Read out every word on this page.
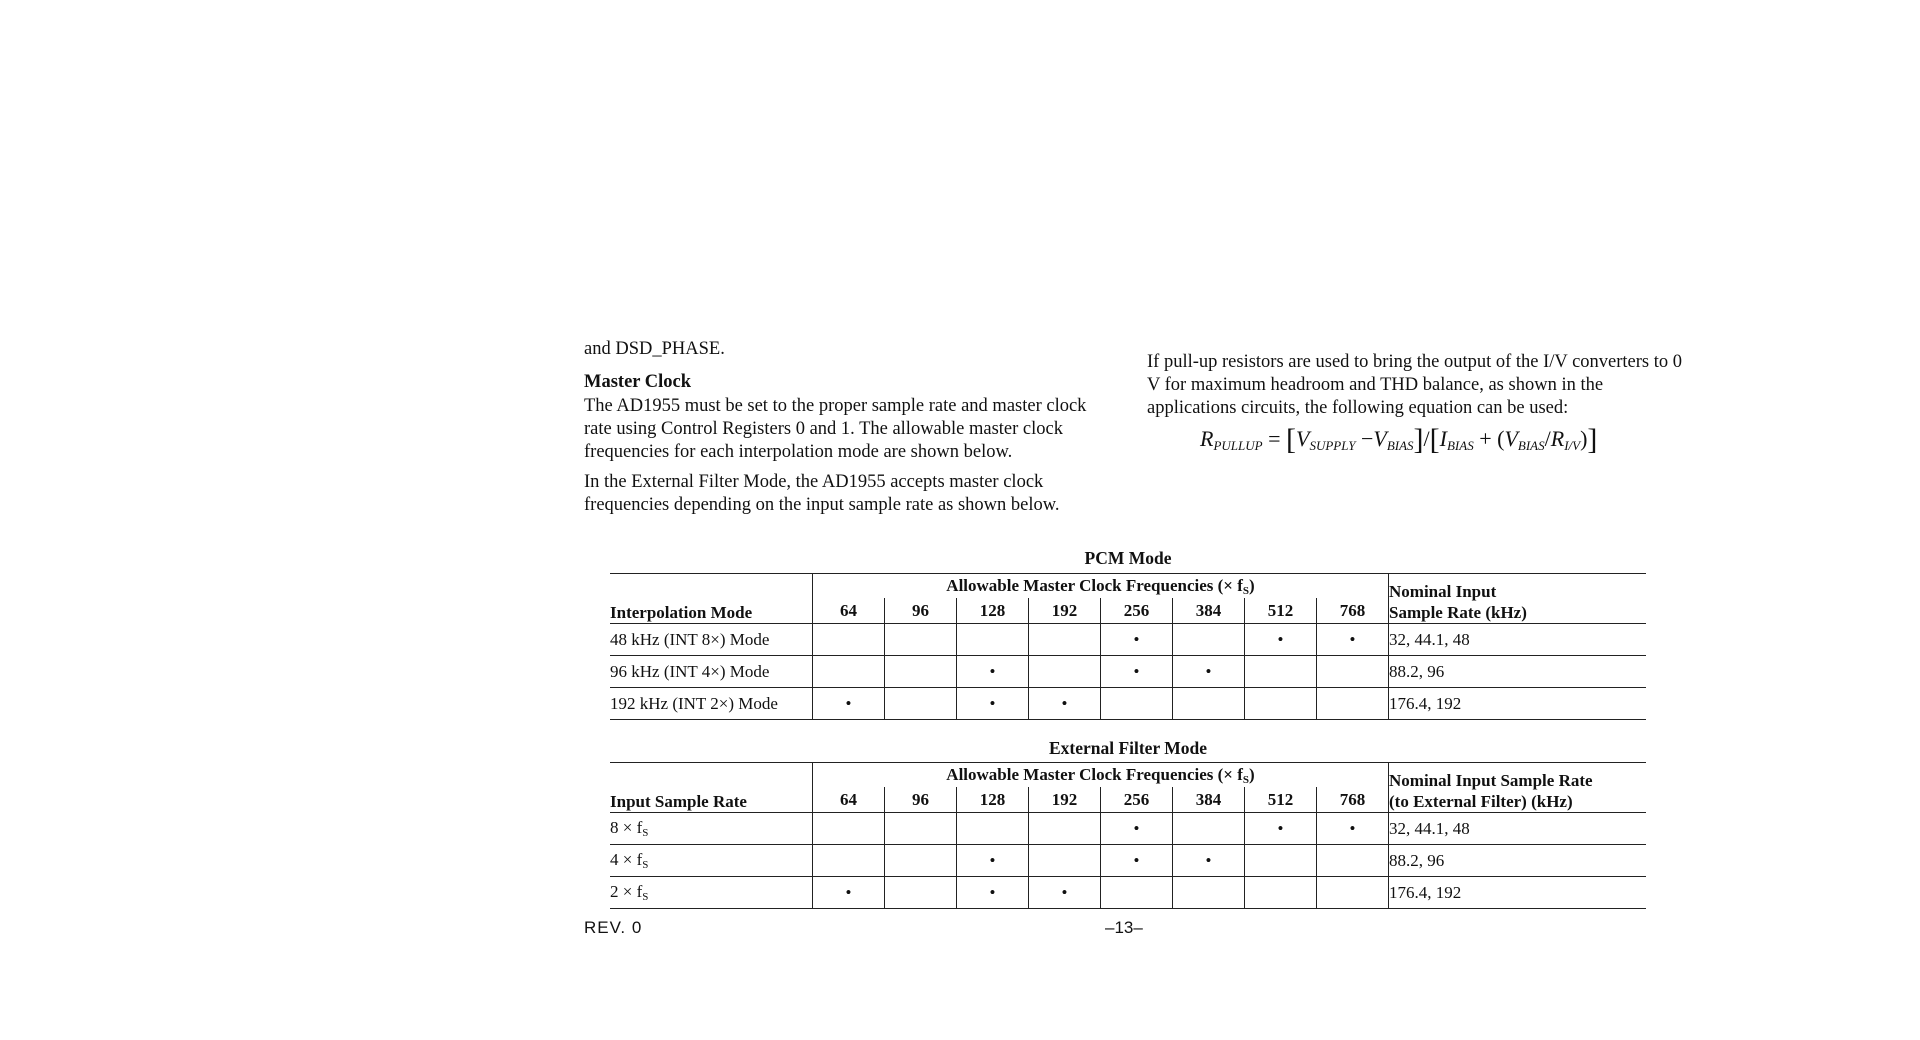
and DSD_PHASE.
Master Clock
The AD1955 must be set to the proper sample rate and master clock rate using Control Registers 0 and 1. The allowable master clock frequencies for each interpolation mode are shown below.
In the External Filter Mode, the AD1955 accepts master clock frequencies depending on the input sample rate as shown below.
If pull-up resistors are used to bring the output of the I/V converters to 0 V for maximum headroom and THD balance, as shown in the applications circuits, the following equation can be used:
$R_{PULLUP} = [V_{SUPPLY} -V_{BIAS}]/[I_{BIAS} + (V_{BIAS}/R_{I/V})]$
PCM Mode
Interpolation Mode	Allowable Master Clock Frequencies (× fS)								Nominal Input
Sample Rate (kHz)
	64	96	128	192	256	384	512	768	
48 kHz (INT 8×) Mode					•		•	•	32, 44.1, 48
96 kHz (INT 4×) Mode			•		•	•			88.2, 96
192 kHz (INT 2×) Mode	•		•	•					176.4, 192
External Filter Mode
Input Sample Rate	Allowable Master Clock Frequencies (× fS)								Nominal Input Sample Rate
(to External Filter) (kHz)
	64	96	128	192	256	384	512	768	
8 × fS					•		•	•	32, 44.1, 48
4 × fS			•		•	•			88.2, 96
2 × fS	•		•	•					176.4, 192
REV. 0	–13–
